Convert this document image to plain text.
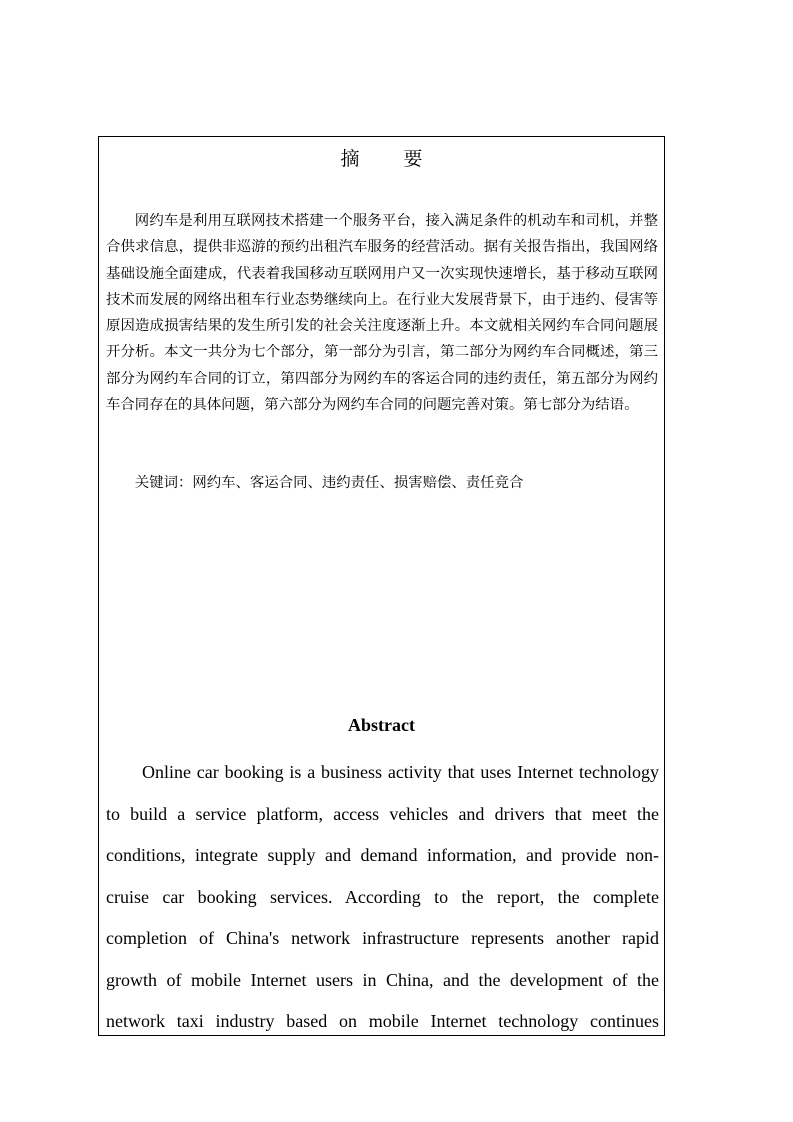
摘 要

网约车是利用互联网技术搭建一个服务平台，接入满足条件的机动车和司机，并整合供求信息，提供非巡游的预约出租汽车服务的经营活动。据有关报告指出，我国网络基础设施全面建成，代表着我国移动互联网用户又一次实现快速增长，基于移动互联网技术而发展的网络出租车行业态势继续向上。在行业大发展背景下，由于违约、侵害等原因造成损害结果的发生所引发的社会关注度逐渐上升。本文就相关网约车合同问题展开分析。本文一共分为七个部分，第一部分为引言，第二部分为网约车合同概述，第三部分为网约车合同的订立，第四部分为网约车的客运合同的违约责任，第五部分为网约车合同存在的具体问题，第六部分为网约车合同的问题完善对策。第七部分为结语。

关键词：网约车、客运合同、违约责任、损害赔偿、责任竞合

Abstract

Online car booking is a business activity that uses Internet technology to build a service platform, access vehicles and drivers that meet the conditions, integrate supply and demand information, and provide non-cruise car booking services. According to the report, the complete completion of China's network infrastructure represents another rapid growth of mobile Internet users in China, and the development of the network taxi industry based on mobile Internet technology continues
